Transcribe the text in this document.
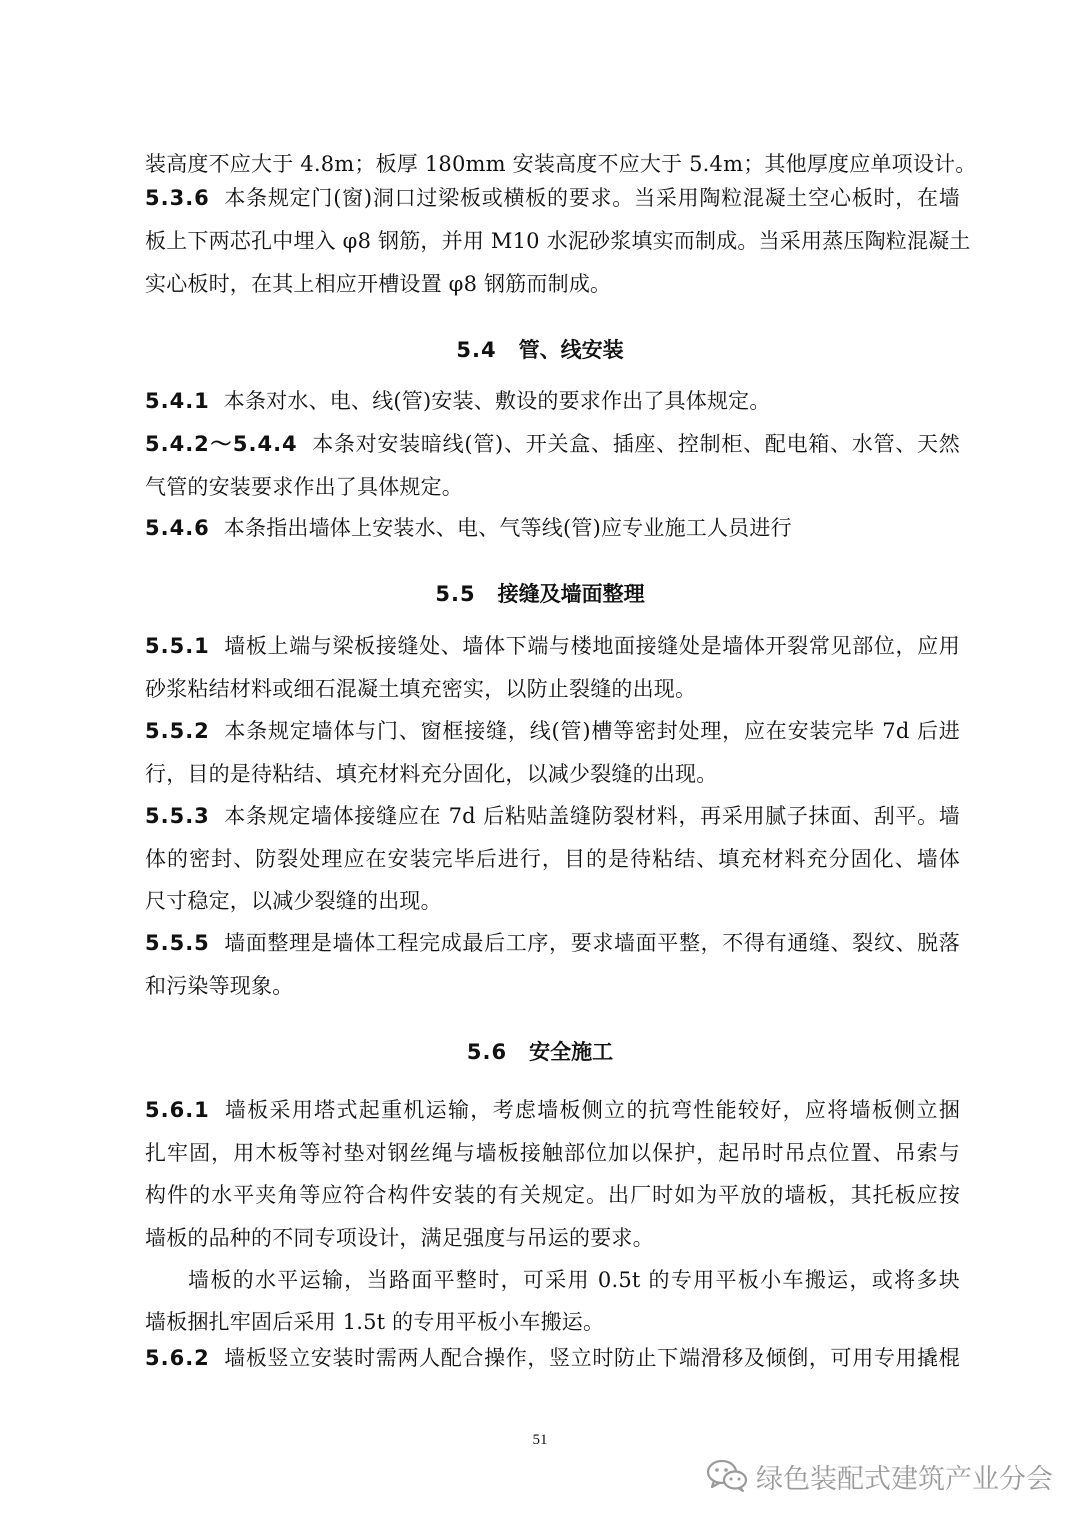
装高度不应大于 4.8m；板厚 180mm 安装高度不应大于 5.4m；其他厚度应单项设计。
5.3.6 本条规定门(窗)洞口过梁板或横板的要求。当采用陶粒混凝土空心板时，在墙
板上下两芯孔中埋入 φ8 钢筋，并用 M10 水泥砂浆填实而制成。当采用蒸压陶粒混凝土
实心板时，在其上相应开槽设置 φ8 钢筋而制成。
5.4 管、线安装
5.4.1 本条对水、电、线(管)安装、敷设的要求作出了具体规定。
5.4.2～5.4.4 本条对安装暗线(管)、开关盒、插座、控制柜、配电箱、水管、天然
气管的安装要求作出了具体规定。
5.4.6 本条指出墙体上安装水、电、气等线(管)应专业施工人员进行
5.5 接缝及墙面整理
5.5.1 墙板上端与梁板接缝处、墙体下端与楼地面接缝处是墙体开裂常见部位，应用
砂浆粘结材料或细石混凝土填充密实，以防止裂缝的出现。
5.5.2 本条规定墙体与门、窗框接缝，线(管)槽等密封处理，应在安装完毕 7d 后进
行，目的是待粘结、填充材料充分固化，以减少裂缝的出现。
5.5.3 本条规定墙体接缝应在 7d 后粘贴盖缝防裂材料，再采用腻子抹面、刮平。墙
体的密封、防裂处理应在安装完毕后进行，目的是待粘结、填充材料充分固化、墙体
尺寸稳定，以减少裂缝的出现。
5.5.5 墙面整理是墙体工程完成最后工序，要求墙面平整，不得有通缝、裂纹、脱落
和污染等现象。
5.6 安全施工
5.6.1 墙板采用塔式起重机运输，考虑墙板侧立的抗弯性能较好，应将墙板侧立捆
扎牢固，用木板等衬垫对钢丝绳与墙板接触部位加以保护，起吊时吊点位置、吊索与
构件的水平夹角等应符合构件安装的有关规定。出厂时如为平放的墙板，其托板应按
墙板的品种的不同专项设计，满足强度与吊运的要求。
墙板的水平运输，当路面平整时，可采用 0.5t 的专用平板小车搬运，或将多块
墙板捆扎牢固后采用 1.5t 的专用平板小车搬运。
5.6.2 墙板竖立安装时需两人配合操作，竖立时防止下端滑移及倾倒，可用专用撬棍
51
绿色装配式建筑产业分会
